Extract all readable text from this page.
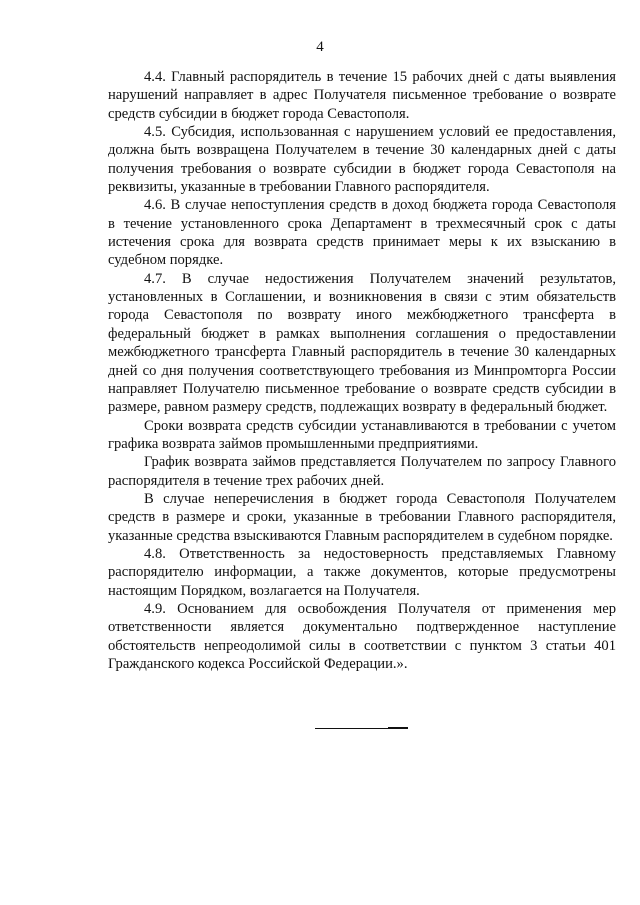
4

4.4. Главный распорядитель в течение 15 рабочих дней с даты выявления нарушений направляет в адрес Получателя письменное требование о возврате средств субсидии в бюджет города Севастополя.

4.5. Субсидия, использованная с нарушением условий ее предоставления, должна быть возвращена Получателем в течение 30 календарных дней с даты получения требования о возврате субсидии в бюджет города Севастополя на реквизиты, указанные в требовании Главного распорядителя.

4.6. В случае непоступления средств в доход бюджета города Севастополя в течение установленного срока Департамент в трехмесячный срок с даты истечения срока для возврата средств принимает меры к их взысканию в судебном порядке.

4.7. В случае недостижения Получателем значений результатов, установленных в Соглашении, и возникновения в связи с этим обязательств города Севастополя по возврату иного межбюджетного трансферта в федеральный бюджет в рамках выполнения соглашения о предоставлении межбюджетного трансферта Главный распорядитель в течение 30 календарных дней со дня получения соответствующего требования из Минпромторга России направляет Получателю письменное требование о возврате средств субсидии в размере, равном размеру средств, подлежащих возврату в федеральный бюджет.

Сроки возврата средств субсидии устанавливаются в требовании с учетом графика возврата займов промышленными предприятиями.

График возврата займов представляется Получателем по запросу Главного распорядителя в течение трех рабочих дней.

В случае неперечисления в бюджет города Севастополя Получателем средств в размере и сроки, указанные в требовании Главного распорядителя, указанные средства взыскиваются Главным распорядителем в судебном порядке.

4.8. Ответственность за недостоверность представляемых Главному распорядителю информации, а также документов, которые предусмотрены настоящим Порядком, возлагается на Получателя.

4.9. Основанием для освобождения Получателя от применения мер ответственности является документально подтвержденное наступление обстоятельств непреодолимой силы в соответствии с пунктом 3 статьи 401 Гражданского кодекса Российской Федерации.».
